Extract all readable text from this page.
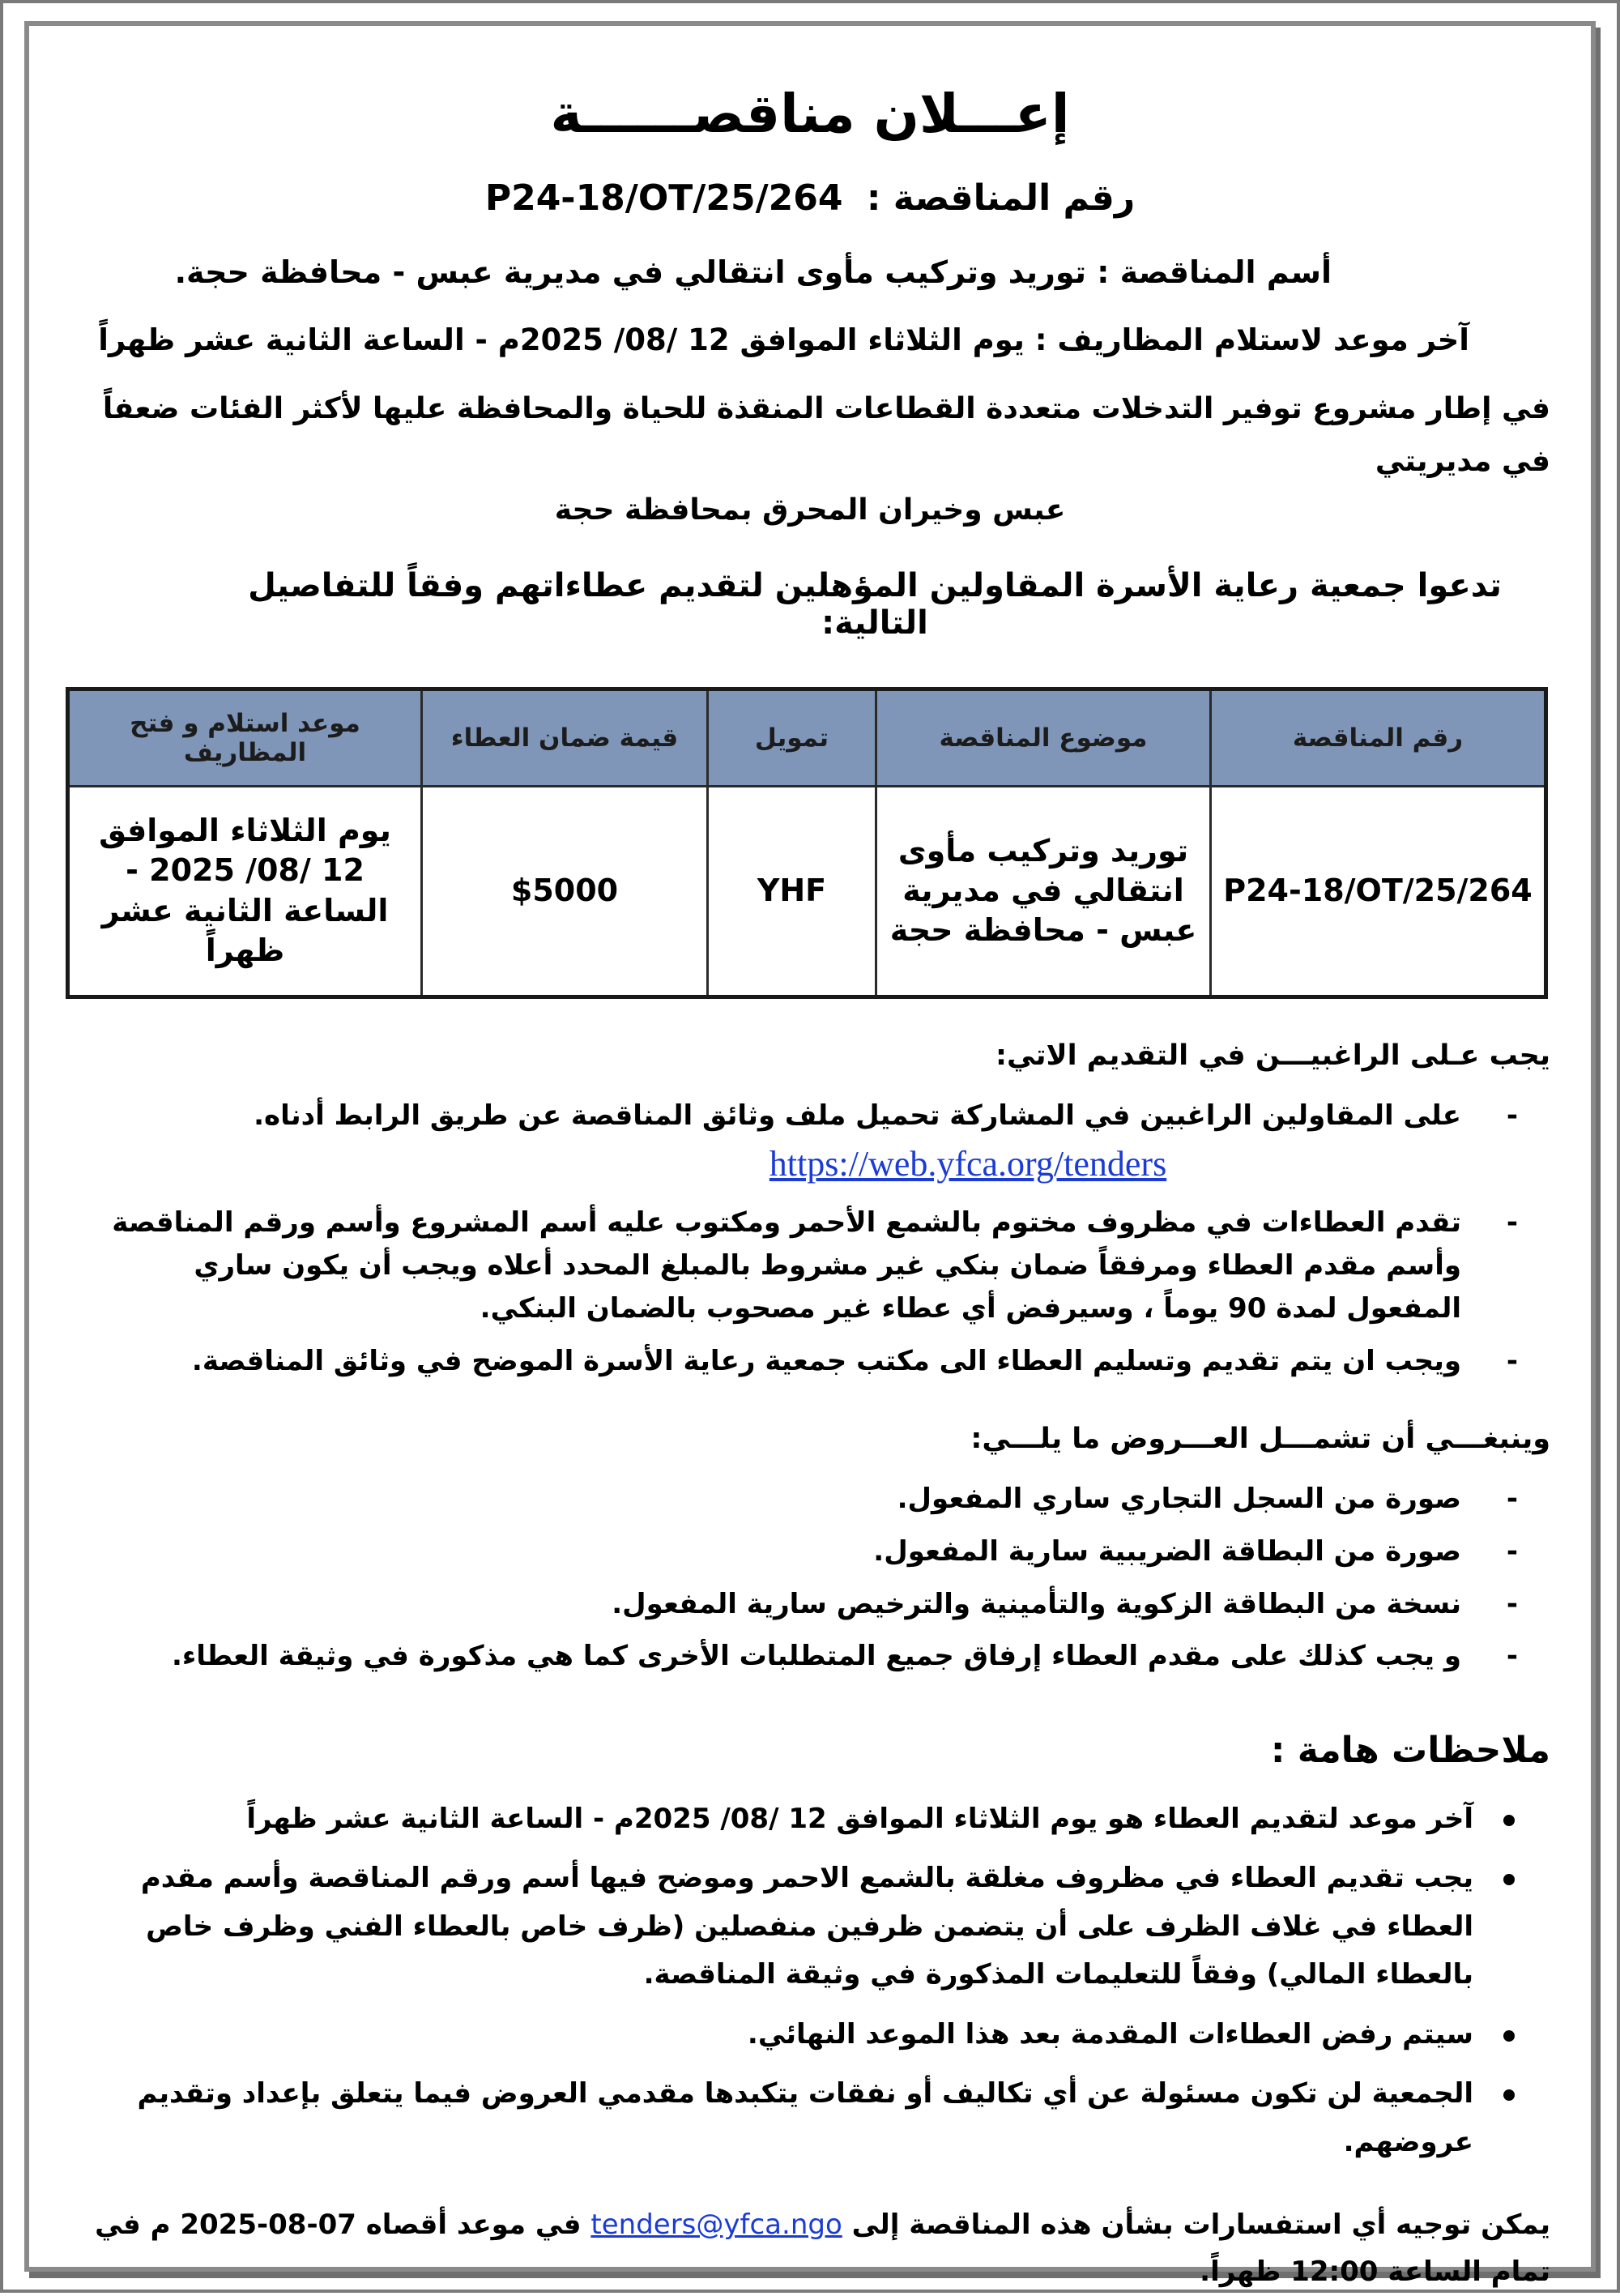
إعـــلان مناقصــــــة
رقم المناقصة : P24-18/OT/25/264
أسم المناقصة : توريد وتركيب مأوى انتقالي في مديرية عبس - محافظة حجة.
آخر موعد لاستلام المظاريف : يوم الثلاثاء الموافق 12 /08/ 2025م - الساعة الثانية عشر ظهراً
في إطار مشروع توفير التدخلات متعددة القطاعات المنقذة للحياة والمحافظة عليها لأكثر الفئات ضعفاً في مديريتي
عبس وخيران المحرق بمحافظة حجة
تدعوا جمعية رعاية الأسرة المقاولين المؤهلين لتقديم عطاءاتهم وفقاً للتفاصيل التالية:
رقم المناقصة	موضوع المناقصة	تمويل	قيمة ضمان العطاء	موعد استلام و فتح المظاريف
P24-18/OT/25/264	توريد وتركيب مأوى انتقالي في مديرية عبس - محافظة حجة	YHF	$5000	يوم الثلاثاء الموافق 12 /08/ 2025 - الساعة الثانية عشر ظهراً
يجب عـلى الراغبيـــن في التقديم الاتي:
-
على المقاولين الراغبين في المشاركة تحميل ملف وثائق المناقصة عن طريق الرابط أدناه.
https://web.yfca.org/tenders
-
تقدم العطاءات في مظروف مختوم بالشمع الأحمر ومكتوب عليه أسم المشروع وأسم ورقم المناقصة وأسم مقدم العطاء ومرفقاً ضمان بنكي غير مشروط بالمبلغ المحدد أعلاه ويجب أن يكون ساري المفعول لمدة 90 يوماً ، وسيرفض أي عطاء غير مصحوب بالضمان البنكي.
-
ويجب ان يتم تقديم وتسليم العطاء الى مكتب جمعية رعاية الأسرة الموضح في وثائق المناقصة.
وينبغـــي أن تشمـــل العـــروض ما يلـــي:
-
صورة من السجل التجاري ساري المفعول.
-
صورة من البطاقة الضريبية سارية المفعول.
-
نسخة من البطاقة الزكوية والتأمينية والترخيص سارية المفعول.
-
و يجب كذلك على مقدم العطاء إرفاق جميع المتطلبات الأخرى كما هي مذكورة في وثيقة العطاء.
ملاحظات هامة :
آخر موعد لتقديم العطاء هو يوم الثلاثاء الموافق 12 /08/ 2025م - الساعة الثانية عشر ظهراً
يجب تقديم العطاء في مظروف مغلقة بالشمع الاحمر وموضح فيها أسم ورقم المناقصة وأسم مقدم العطاء في غلاف الظرف على أن يتضمن ظرفين منفصلين (ظرف خاص بالعطاء الفني وظرف خاص بالعطاء المالي) وفقاً للتعليمات المذكورة في وثيقة المناقصة.
سيتم رفض العطاءات المقدمة بعد هذا الموعد النهائي.
الجمعية لن تكون مسئولة عن أي تكاليف أو نفقات يتكبدها مقدمي العروض فيما يتعلق بإعداد وتقديم عروضهم.
يمكن توجيه أي استفسارات بشأن هذه المناقصة إلى tenders@yfca.ngo في موعد أقصاه 07-08-2025 م في تمام الساعة 12:00 ظهراً.
